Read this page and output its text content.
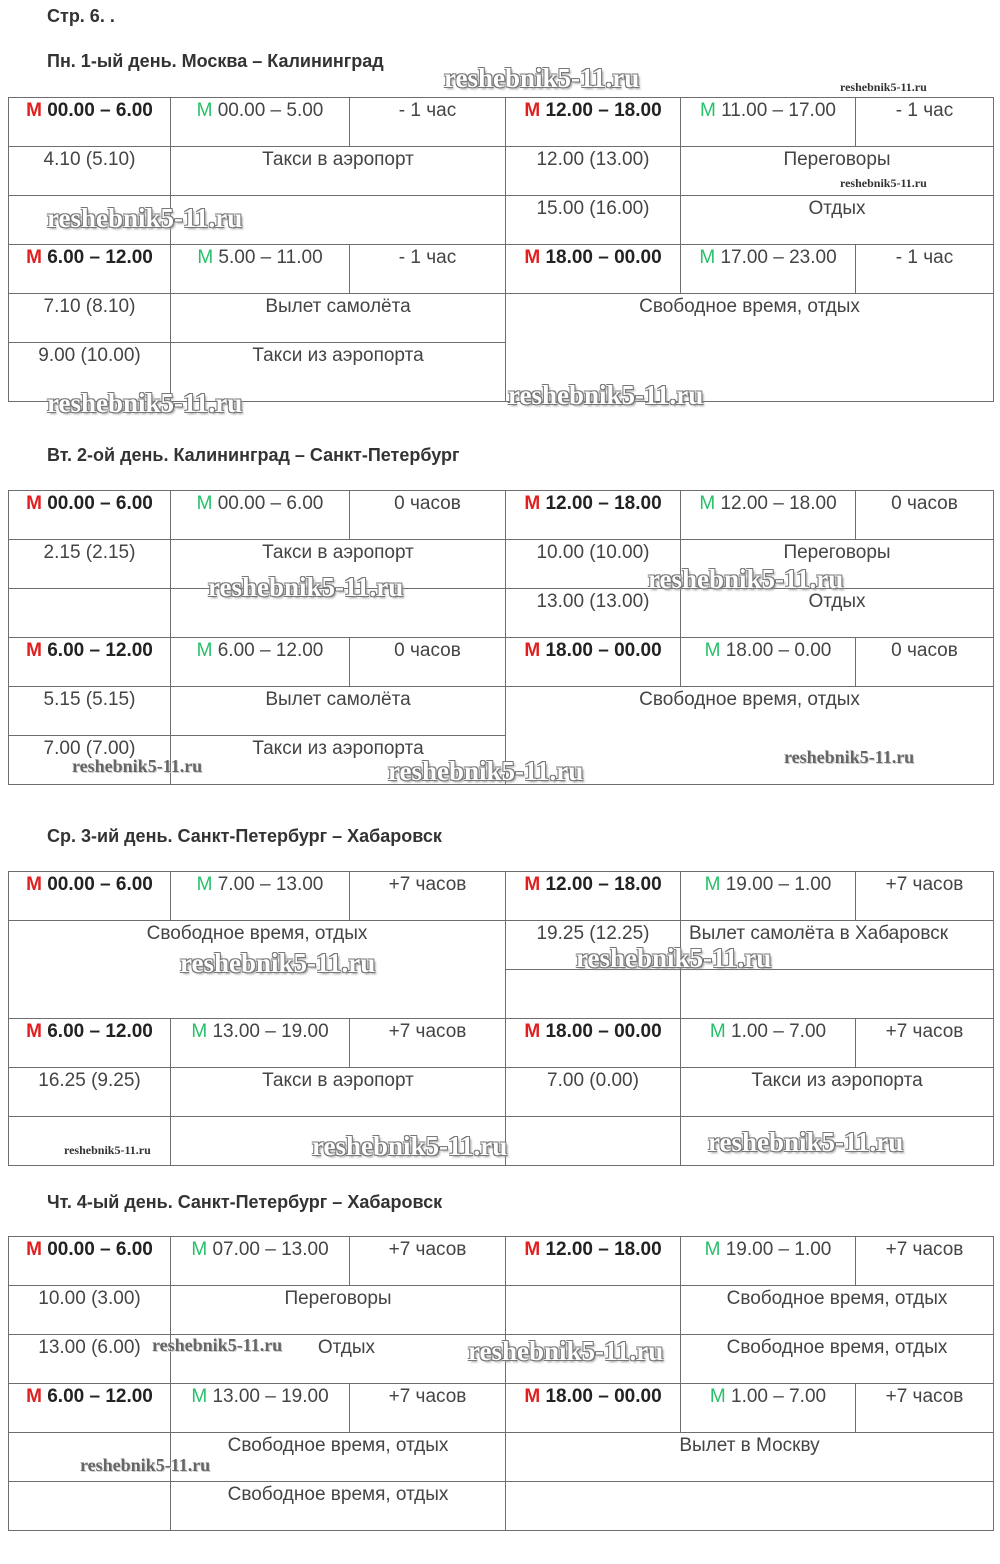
Стр. 6. .
Пн. 1-ый день. Москва – Калининград
М 00.00 – 6.00	М 00.00 – 5.00	- 1 час	М 12.00 – 18.00	М 11.00 – 17.00	- 1 час
4.10 (5.10)	Такси в аэропорт		12.00 (13.00)	Переговоры	
			15.00 (16.00)	Отдых	
М 6.00 – 12.00	М 5.00 – 11.00	- 1 час	М 18.00 – 00.00	М 17.00 – 23.00	- 1 час
7.10 (8.10)	Вылет самолёта		Свободное время, отдых		
9.00 (10.00)	Такси из аэропорта				
Вт. 2-ой день. Калининград – Санкт-Петербург
М 00.00 – 6.00	М 00.00 – 6.00	0 часов	М 12.00 – 18.00	М 12.00 – 18.00	0 часов
2.15 (2.15)	Такси в аэропорт		10.00 (10.00)	Переговоры	
			13.00 (13.00)	Отдых	
М 6.00 – 12.00	М 6.00 – 12.00	0 часов	М 18.00 – 00.00	М 18.00 – 0.00	0 часов
5.15 (5.15)	Вылет самолёта		Свободное время, отдых		
7.00 (7.00)	Такси из аэропорта				
Ср. 3-ий день. Санкт-Петербург – Хабаровск
М 00.00 – 6.00	М 7.00 – 13.00	+7 часов	М 12.00 – 18.00	М 19.00 – 1.00	+7 часов
Свободное время, отдых			19.25 (12.25)	Вылет самолёта в Хабаровск	

М 6.00 – 12.00	М 13.00 – 19.00	+7 часов	М 18.00 – 00.00	М 1.00 – 7.00	+7 часов
16.25 (9.25)	Такси в аэропорт		7.00 (0.00)	Такси из аэропорта	

Чт. 4-ый день. Санкт-Петербург – Хабаровск
М 00.00 – 6.00	М 07.00 – 13.00	+7 часов	М 12.00 – 18.00	М 19.00 – 1.00	+7 часов
10.00 (3.00)	Переговоры			Свободное время, отдых	
13.00 (6.00)	Отдых			Свободное время, отдых	
М 6.00 – 12.00	М 13.00 – 19.00	+7 часов	М 18.00 – 00.00	М 1.00 – 7.00	+7 часов
	Свободное время, отдых		Вылет в Москву		
	Свободное время, отдых				
reshebnik5-11.ru	reshebnik5-11.ru
reshebnik5-11.ru
reshebnik5-11.ru
reshebnik5-11.ru
reshebnik5-11.ru
reshebnik5-11.ru	reshebnik5-11.ru
reshebnik5-11.ru	reshebnik5-11.ru	reshebnik5-11.ru
reshebnik5-11.ru	reshebnik5-11.ru
reshebnik5-11.ru	reshebnik5-11.ru	reshebnik5-11.ru
reshebnik5-11.ru	reshebnik5-11.ru
reshebnik5-11.ru
